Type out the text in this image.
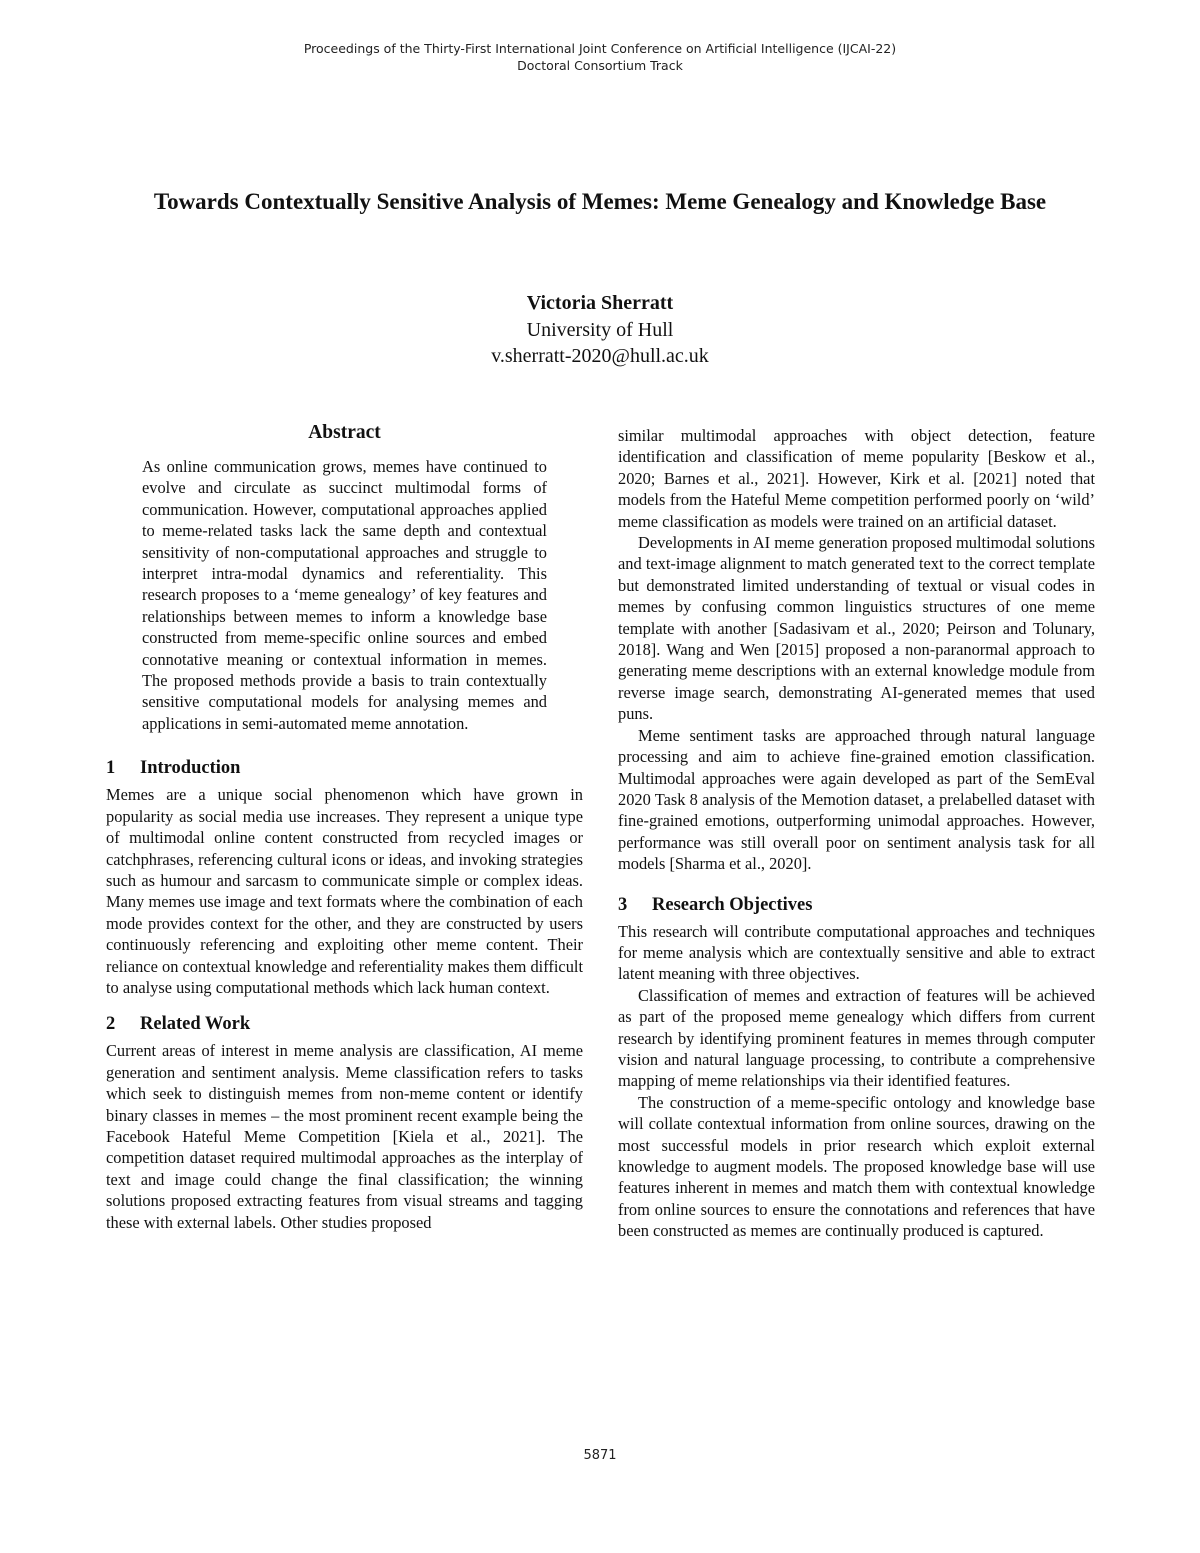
Proceedings of the Thirty-First International Joint Conference on Artificial Intelligence (IJCAI-22)
Doctoral Consortium Track
Towards Contextually Sensitive Analysis of Memes: Meme Genealogy and Knowledge Base
Victoria Sherratt
University of Hull
v.sherratt-2020@hull.ac.uk
Abstract

As online communication grows, memes have continued to evolve and circulate as succinct multimodal forms of communication. However, computational approaches applied to meme-related tasks lack the same depth and contextual sensitivity of non-computational approaches and struggle to interpret intra-modal dynamics and referentiality. This research proposes to a ‘meme genealogy’ of key features and relationships between memes to inform a knowledge base constructed from meme-specific online sources and embed connotative meaning or contextual information in memes. The proposed methods provide a basis to train contextually sensitive computational models for analysing memes and applications in semi-automated meme annotation.

1 Introduction

Memes are a unique social phenomenon which have grown in popularity as social media use increases. They represent a unique type of multimodal online content constructed from recycled images or catchphrases, referencing cultural icons or ideas, and invoking strategies such as humour and sarcasm to communicate simple or complex ideas. Many memes use image and text formats where the combination of each mode provides context for the other, and they are constructed by users continuously referencing and exploiting other meme content. Their reliance on contextual knowledge and referentiality makes them difficult to analyse using computational methods which lack human context.

2 Related Work

Current areas of interest in meme analysis are classification, AI meme generation and sentiment analysis. Meme classification refers to tasks which seek to distinguish memes from non-meme content or identify binary classes in memes – the most prominent recent example being the Facebook Hateful Meme Competition [Kiela et al., 2021]. The competition dataset required multimodal approaches as the interplay of text and image could change the final classification; the winning solutions proposed extracting features from visual streams and tagging these with external labels. Other studies proposed

similar multimodal approaches with object detection, feature identification and classification of meme popularity [Beskow et al., 2020; Barnes et al., 2021]. However, Kirk et al. [2021] noted that models from the Hateful Meme competition performed poorly on ‘wild’ meme classification as models were trained on an artificial dataset.

Developments in AI meme generation proposed multimodal solutions and text-image alignment to match generated text to the correct template but demonstrated limited understanding of textual or visual codes in memes by confusing common linguistics structures of one meme template with another [Sadasivam et al., 2020; Peirson and Tolunary, 2018]. Wang and Wen [2015] proposed a non-paranormal approach to generating meme descriptions with an external knowledge module from reverse image search, demonstrating AI-generated memes that used puns.

Meme sentiment tasks are approached through natural language processing and aim to achieve fine-grained emotion classification. Multimodal approaches were again developed as part of the SemEval 2020 Task 8 analysis of the Memotion dataset, a prelabelled dataset with fine-grained emotions, outperforming unimodal approaches. However, performance was still overall poor on sentiment analysis task for all models [Sharma et al., 2020].

3 Research Objectives

This research will contribute computational approaches and techniques for meme analysis which are contextually sensitive and able to extract latent meaning with three objectives.

Classification of memes and extraction of features will be achieved as part of the proposed meme genealogy which differs from current research by identifying prominent features in memes through computer vision and natural language processing, to contribute a comprehensive mapping of meme relationships via their identified features.

The construction of a meme-specific ontology and knowledge base will collate contextual information from online sources, drawing on the most successful models in prior research which exploit external knowledge to augment models. The proposed knowledge base will use features inherent in memes and match them with contextual knowledge from online sources to ensure the connotations and references that have been constructed as memes are continually produced is captured.

5871
